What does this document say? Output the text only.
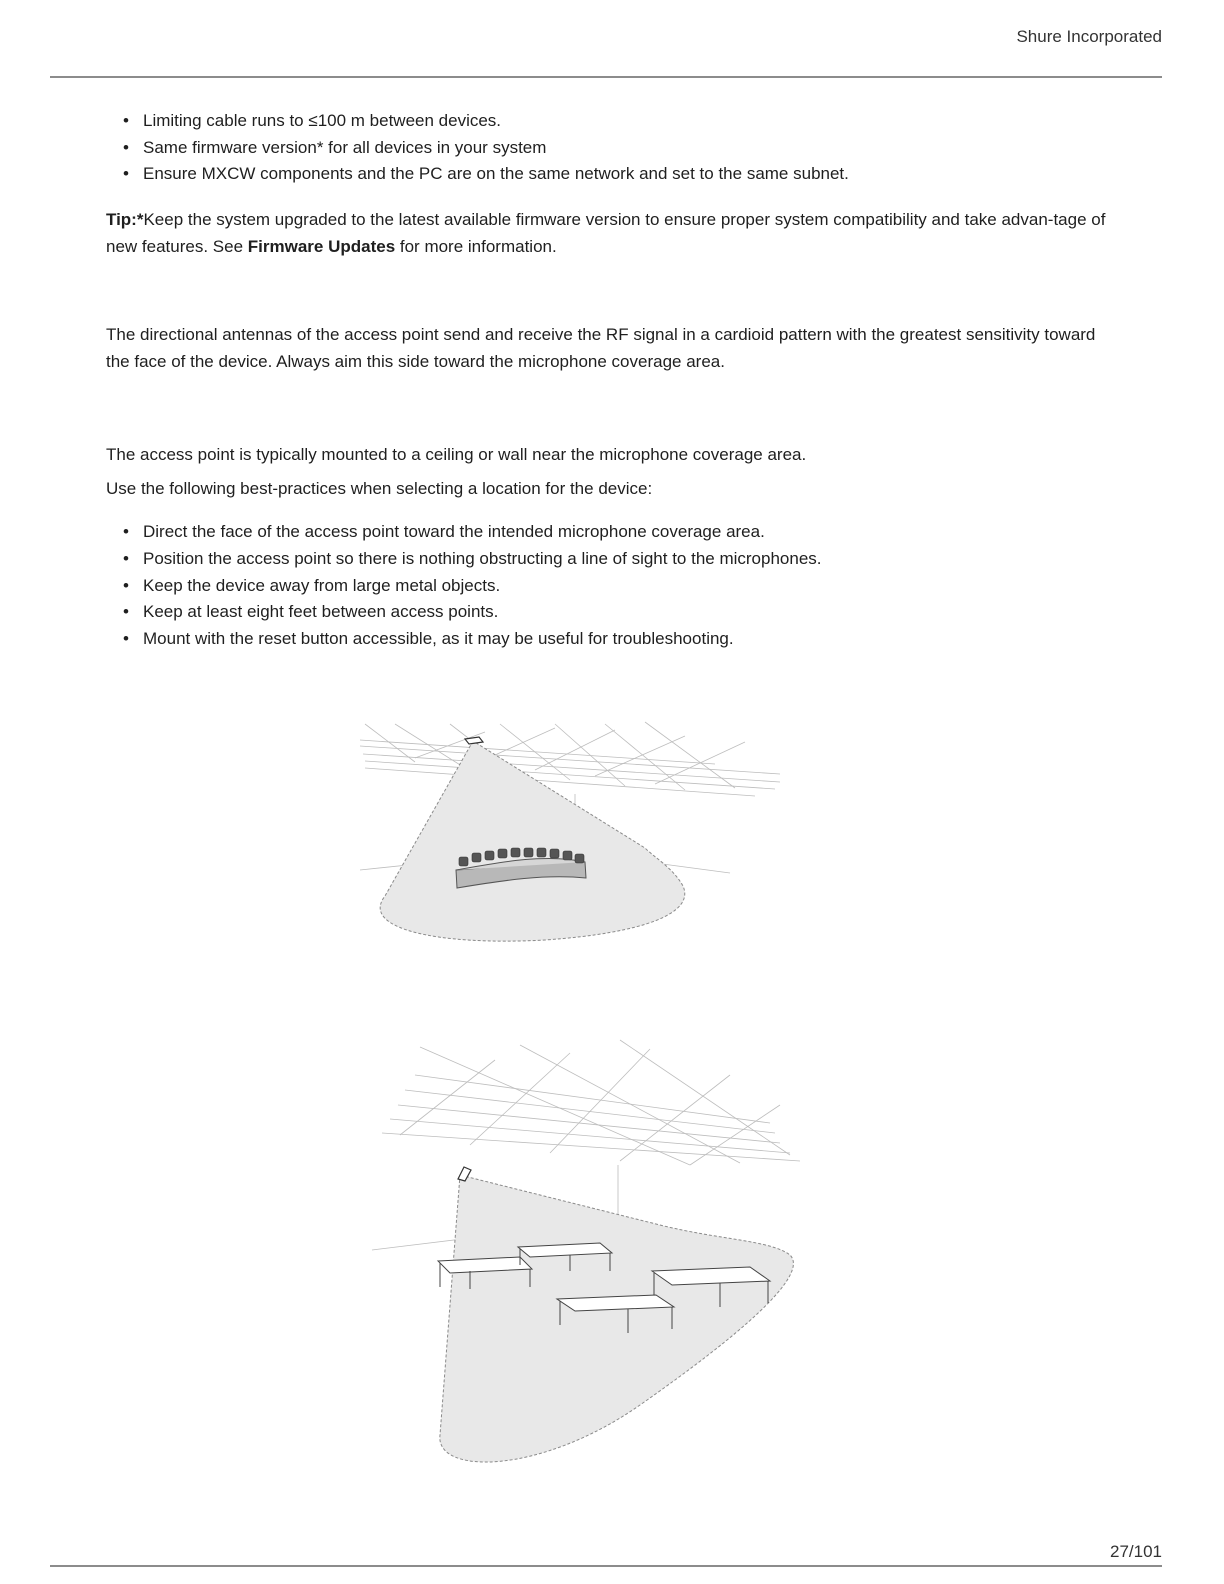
Shure Incorporated
• Limiting cable runs to ≤100 m between devices.
• Same firmware version* for all devices in your system
• Ensure MXCW components and the PC are on the same network and set to the same subnet.

Tip:*Keep the system upgraded to the latest available firmware version to ensure proper system compatibility and take advan-tage of new features. See Firmware Updates for more information.

The directional antennas of the access point send and receive the RF signal in a cardioid pattern with the greatest sensitivity toward the face of the device. Always aim this side toward the microphone coverage area.

The access point is typically mounted to a ceiling or wall near the microphone coverage area.

Use the following best-practices when selecting a location for the device:

• Direct the face of the access point toward the intended microphone coverage area.
• Position the access point so there is nothing obstructing a line of sight to the microphones.
• Keep the device away from large metal objects.
• Keep at least eight feet between access points.
• Mount with the reset button accessible, as it may be useful for troubleshooting.
27/101
